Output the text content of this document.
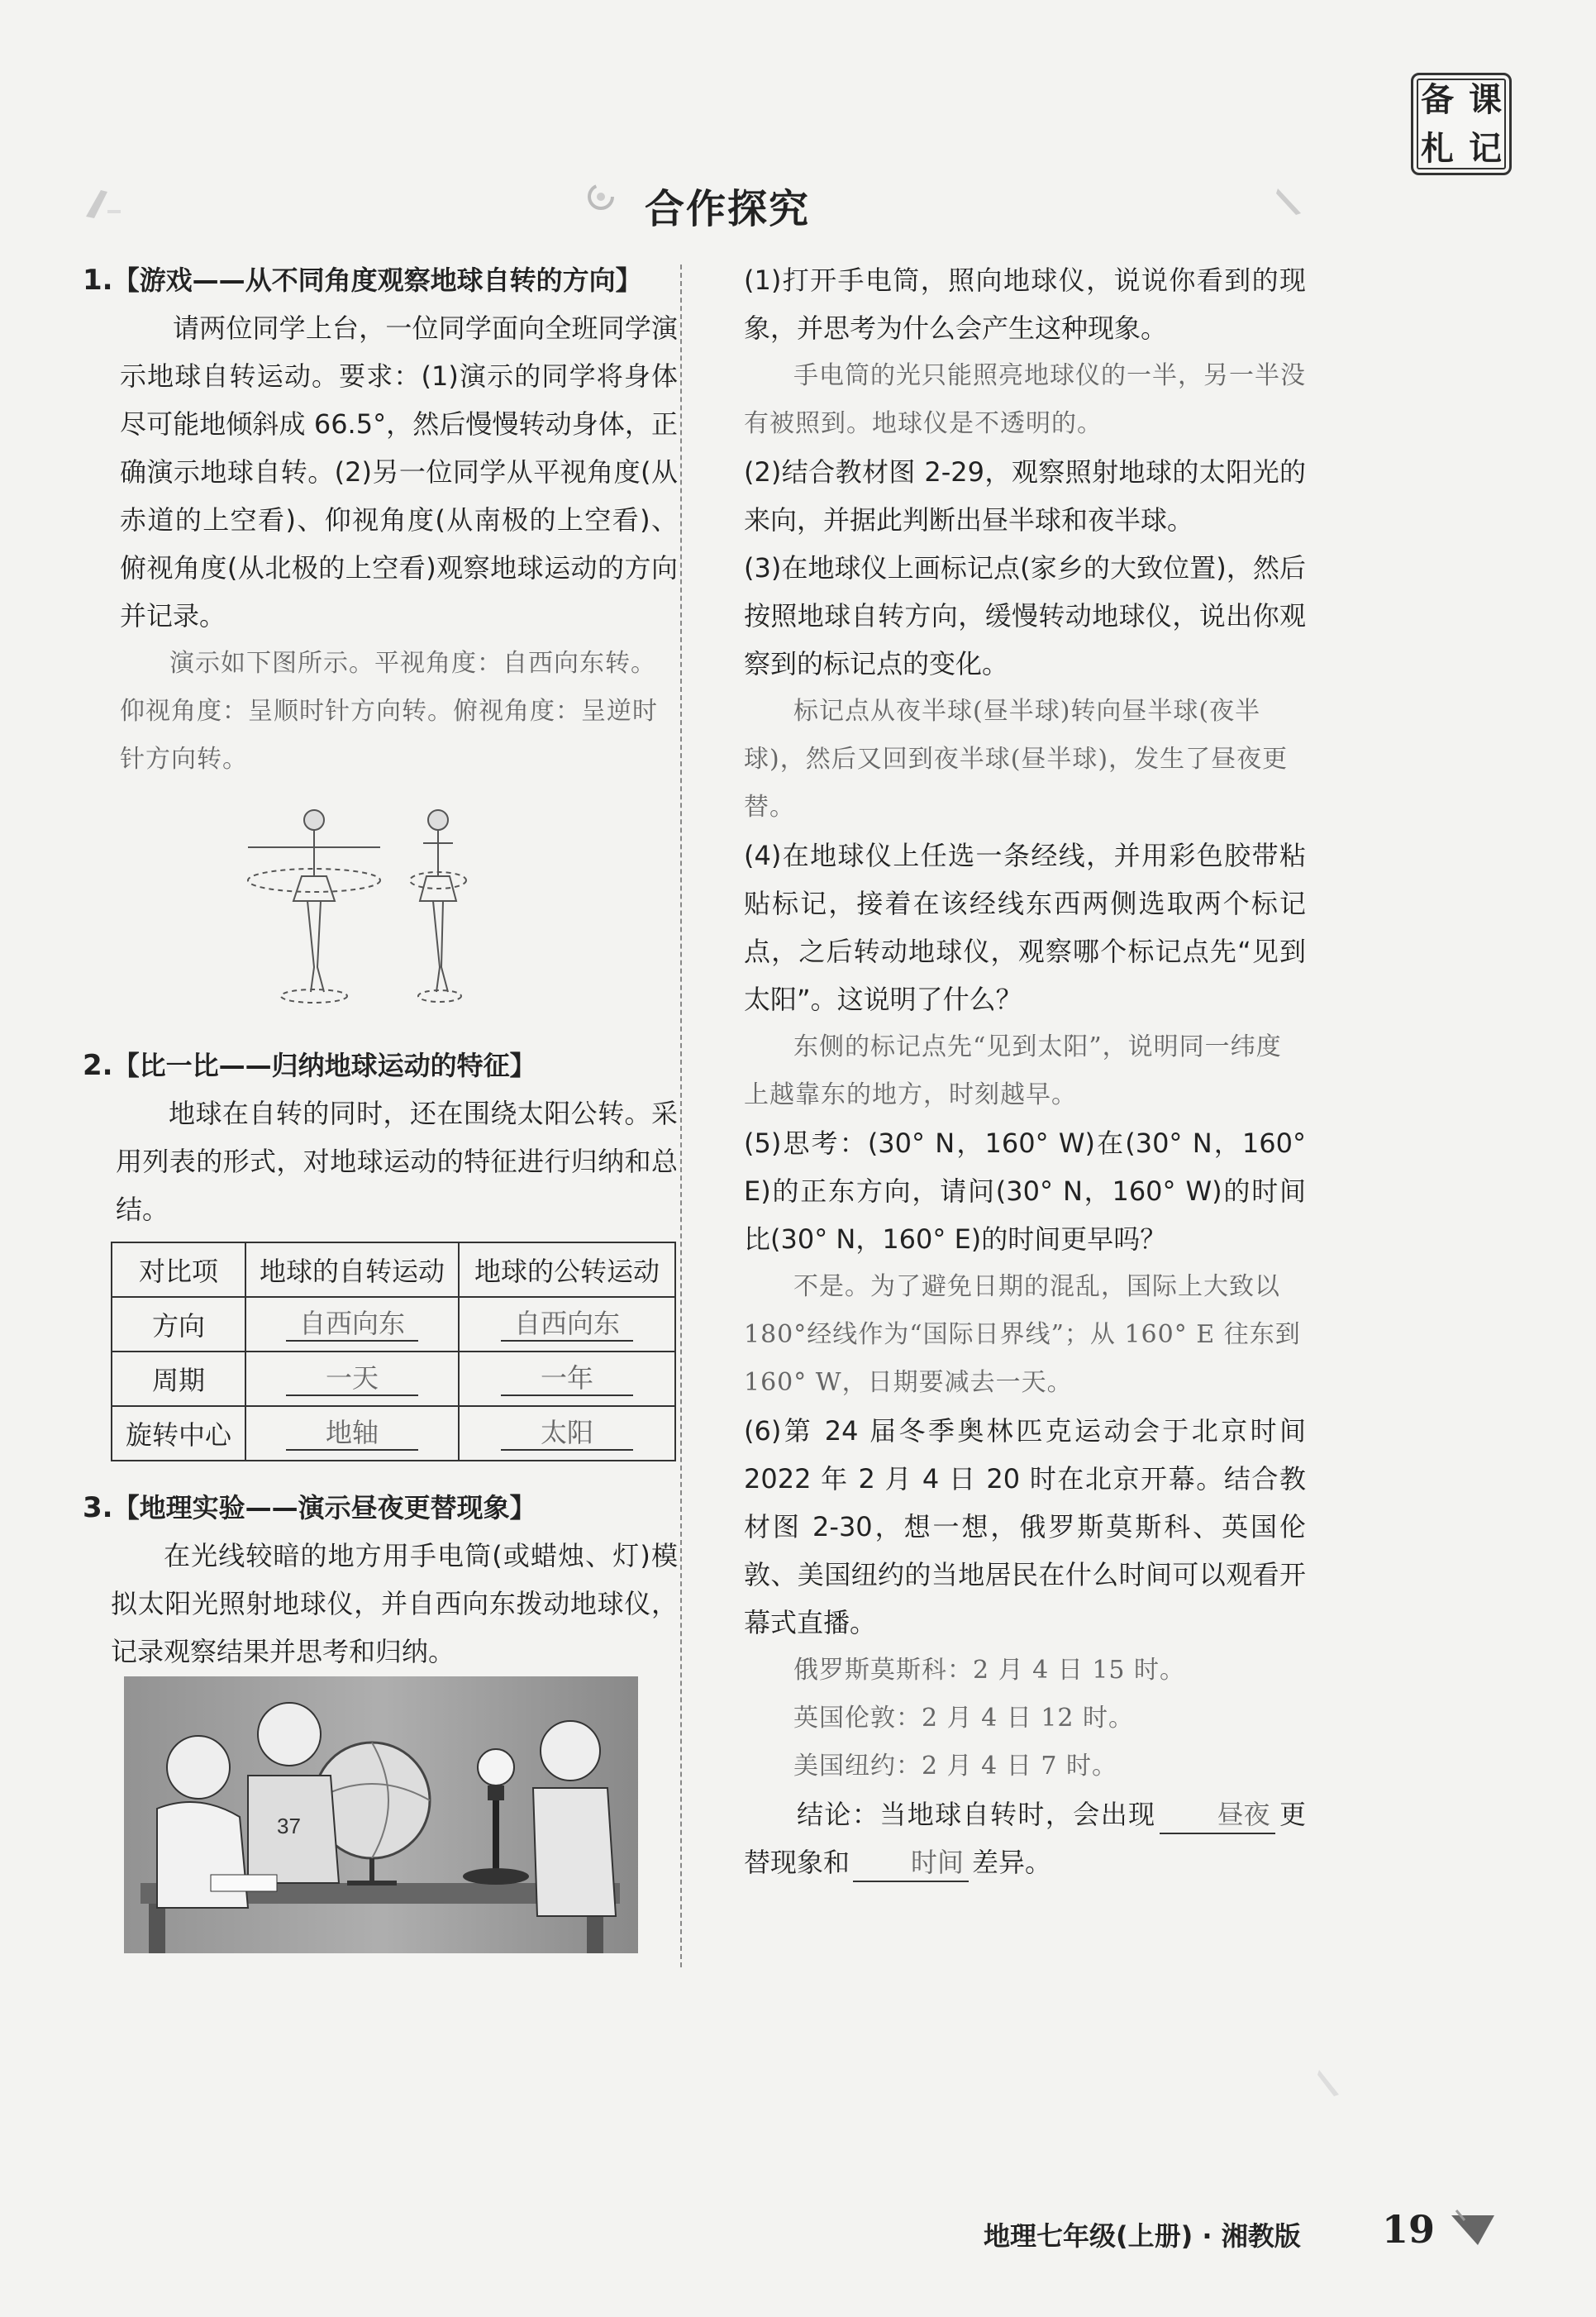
备 课
札 记
合作探究
1.【游戏——从不同角度观察地球自转的方向】

请两位同学上台，一位同学面向全班同学演示地球自转运动。要求：(1)演示的同学将身体尽可能地倾斜成 66.5°，然后慢慢转动身体，正确演示地球自转。(2)另一位同学从平视角度(从赤道的上空看)、仰视角度(从南极的上空看)、俯视角度(从北极的上空看)观察地球运动的方向并记录。

演示如下图所示。平视角度：自西向东转。仰视角度：呈顺时针方向转。俯视角度：呈逆时针方向转。

2.【比一比——归纳地球运动的特征】

地球在自转的同时，还在围绕太阳公转。采用列表的形式，对地球运动的特征进行归纳和总结。

对比项	地球的自转运动	地球的公转运动
方向	自西向东	自西向东
周期	一天	一年
旋转中心	地轴	太阳
3.【地理实验——演示昼夜更替现象】

在光线较暗的地方用手电筒(或蜡烛、灯)模拟太阳光照射地球仪，并自西向东拨动地球仪，记录观察结果并思考和归纳。

37

(1)打开手电筒，照向地球仪，说说你看到的现象，并思考为什么会产生这种现象。

手电筒的光只能照亮地球仪的一半，另一半没有被照到。地球仪是不透明的。

(2)结合教材图 2-29，观察照射地球的太阳光的来向，并据此判断出昼半球和夜半球。

(3)在地球仪上画标记点(家乡的大致位置)，然后按照地球自转方向，缓慢转动地球仪，说出你观察到的标记点的变化。

标记点从夜半球(昼半球)转向昼半球(夜半球)，然后又回到夜半球(昼半球)，发生了昼夜更替。

(4)在地球仪上任选一条经线，并用彩色胶带粘贴标记，接着在该经线东西两侧选取两个标记点，之后转动地球仪，观察哪个标记点先“见到太阳”。这说明了什么？

东侧的标记点先“见到太阳”，说明同一纬度上越靠东的地方，时刻越早。

(5)思考：(30° N，160° W)在(30° N，160° E)的正东方向，请问(30° N，160° W)的时间比(30° N，160° E)的时间更早吗？

不是。为了避免日期的混乱，国际上大致以 180°经线作为“国际日界线”；从 160° E 往东到 160° W，日期要减去一天。

(6)第 24 届冬季奥林匹克运动会于北京时间 2022 年 2 月 4 日 20 时在北京开幕。结合教材图 2-30，想一想，俄罗斯莫斯科、英国伦敦、美国纽约的当地居民在什么时间可以观看开幕式直播。

俄罗斯莫斯科：2 月 4 日 15 时。

英国伦敦：2 月 4 日 12 时。

美国纽约：2 月 4 日 7 时。

结论：当地球自转时，会出现 昼夜 更替现象和 时间 差异。

地理七年级(上册) · 湘教版 19
